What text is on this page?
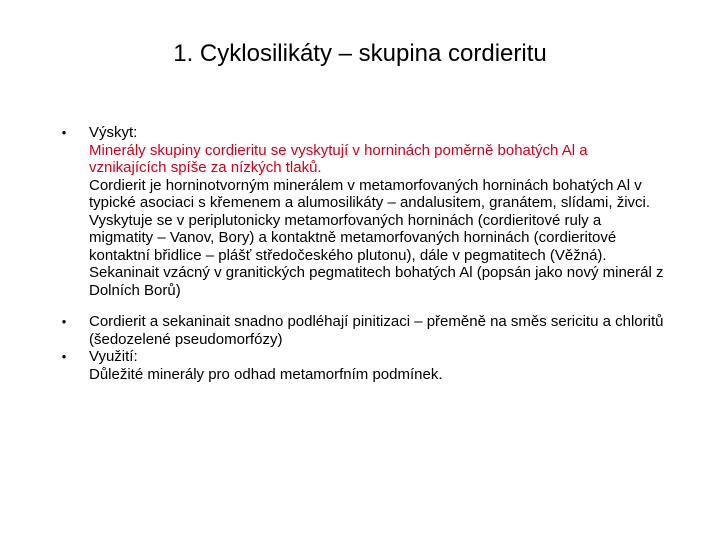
1. Cyklosilikáty – skupina cordieritu
• Výskyt:
Minerály skupiny cordieritu se vyskytují v horninách poměrně bohatých Al a vznikajících spíše za nízkých tlaků.
Cordierit je horninotvorným minerálem v metamorfovaných horninách bohatých Al v typické asociaci s křemenem a alumosilikáty – andalusitem, granátem, slídami, živci.
Vyskytuje se v periplutonicky metamorfovaných horninách (cordieritové ruly a migmatity – Vanov, Bory) a kontaktně metamorfovaných horninách (cordieritové kontaktní břidlice – plášť středočeského plutonu), dále v pegmatitech (Věžná).
Sekaninait vzácný v granitických pegmatitech bohatých Al (popsán jako nový minerál z Dolních Borů)
• Cordierit a sekaninait snadno podléhají pinitizaci – přeměně na směs sericitu a chloritů (šedozelené pseudomorfózy)
• Využití:
Důležité minerály pro odhad metamorfním podmínek.
